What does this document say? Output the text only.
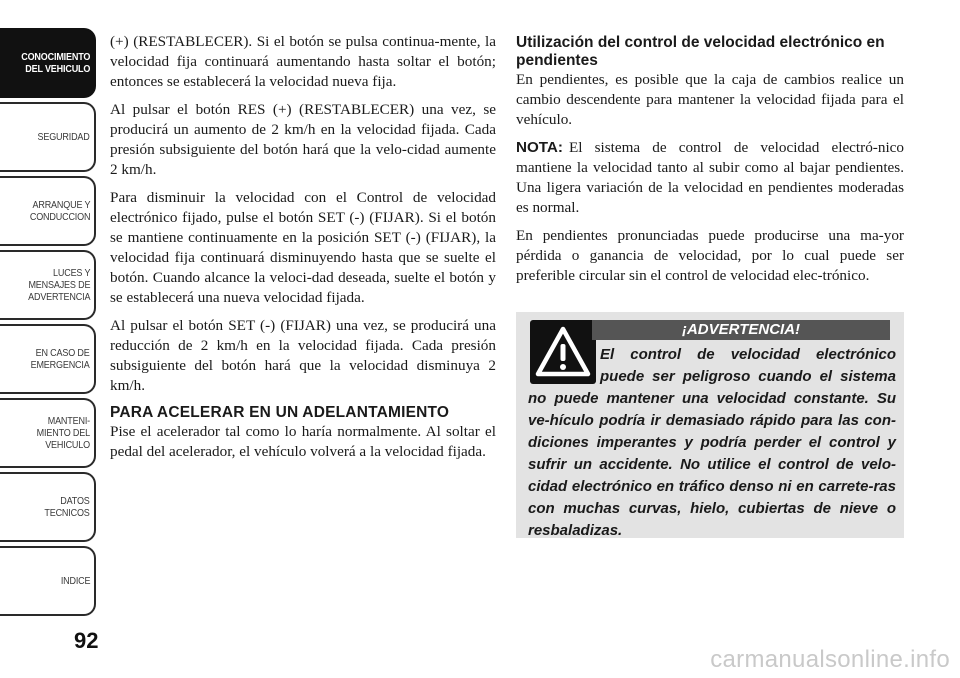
CONOCIMIENTO
DEL VEHICULO
SEGURIDAD
ARRANQUE Y
CONDUCCION
LUCES Y
MENSAJES DE
ADVERTENCIA
EN CASO DE
EMERGENCIA
MANTENI-
MIENTO DEL
VEHICULO
DATOS
TECNICOS
INDICE
92

(+) (RESTABLECER). Si el botón se pulsa continua-mente, la velocidad fija continuará aumentando hasta soltar el botón; entonces se establecerá la velocidad nueva fija.

Al pulsar el botón RES (+) (RESTABLECER) una vez, se producirá un aumento de 2 km/h en la velocidad fijada. Cada presión subsiguiente del botón hará que la velo-cidad aumente 2 km/h.

Para disminuir la velocidad con el Control de velocidad electrónico fijado, pulse el botón SET (-) (FIJAR). Si el botón se mantiene continuamente en la posición SET (-) (FIJAR), la velocidad fija continuará disminuyendo hasta que se suelte el botón. Cuando alcance la veloci-dad deseada, suelte el botón y se establecerá una nueva velocidad fijada.

Al pulsar el botón SET (-) (FIJAR) una vez, se producirá una reducción de 2 km/h en la velocidad fijada. Cada presión subsiguiente del botón hará que la velocidad disminuya 2 km/h.

PARA ACELERAR EN UN ADELANTAMIENTO

Pise el acelerador tal como lo haría normalmente. Al soltar el pedal del acelerador, el vehículo volverá a la velocidad fijada.

Utilización del control de velocidad electrónico en pendientes

En pendientes, es posible que la caja de cambios realice un cambio descendente para mantener la velocidad fijada para el vehículo.

NOTA: El sistema de control de velocidad electró-nico mantiene la velocidad tanto al subir como al bajar pendientes. Una ligera variación de la velocidad en pendientes moderadas es normal.

En pendientes pronunciadas puede producirse una ma-yor pérdida o ganancia de velocidad, por lo cual puede ser preferible circular sin el control de velocidad elec-trónico.

¡ADVERTENCIA!
El control de velocidad electrónico puede ser peligroso cuando el sistema no puede mantener una velocidad constante. Su ve-hículo podría ir demasiado rápido para las con-diciones imperantes y podría perder el control y sufrir un accidente. No utilice el control de velo-cidad electrónico en tráfico denso ni en carrete-ras con muchas curvas, hielo, cubiertas de nieve o resbaladizas.
carmanualsonline.info
